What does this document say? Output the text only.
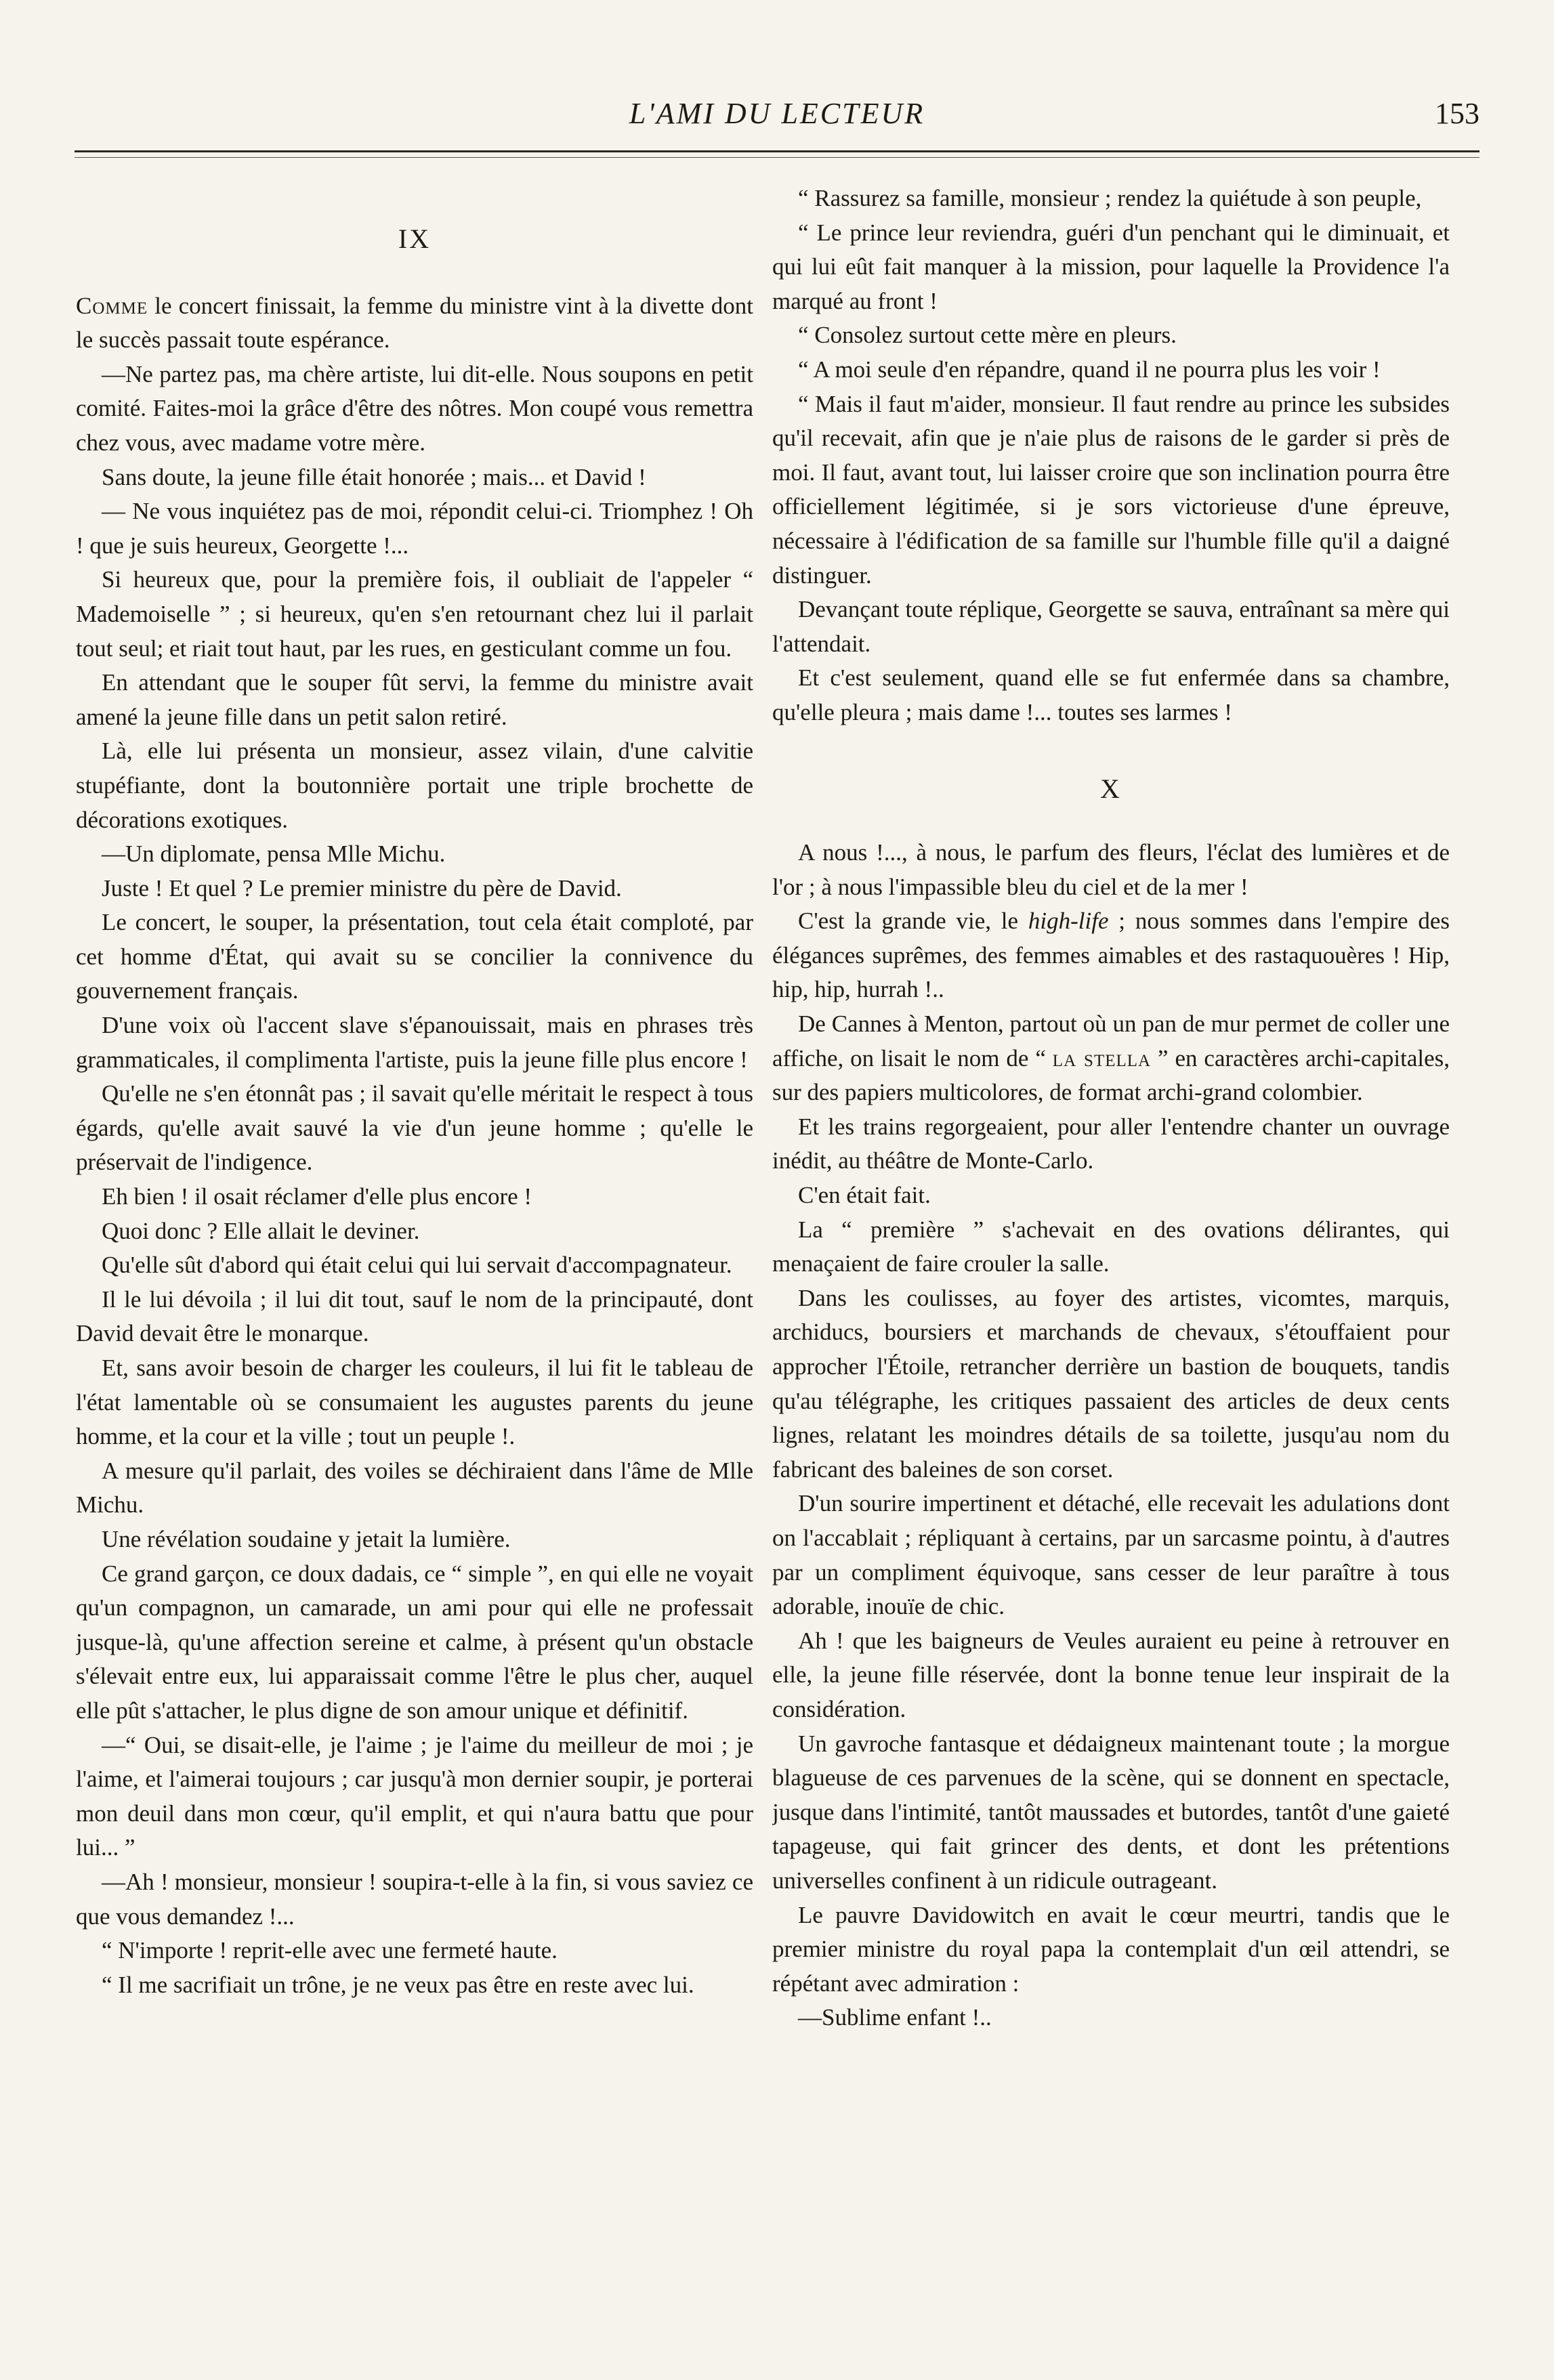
L'AMI DU LECTEUR	153
IX

Comme le concert finissait, la femme du ministre vint à la divette dont le succès passait toute espérance.

—Ne partez pas, ma chère artiste, lui dit-elle. Nous soupons en petit comité. Faites-moi la grâce d'être des nôtres. Mon coupé vous remettra chez vous, avec madame votre mère.

Sans doute, la jeune fille était honorée ; mais... et David !

— Ne vous inquiétez pas de moi, répondit celui-ci. Triomphez ! Oh ! que je suis heureux, Georgette !...

Si heureux que, pour la première fois, il oubliait de l'appeler “ Mademoiselle ” ; si heureux, qu'en s'en retournant chez lui il parlait tout seul; et riait tout haut, par les rues, en gesticulant comme un fou.

En attendant que le souper fût servi, la femme du ministre avait amené la jeune fille dans un petit salon retiré.

Là, elle lui présenta un monsieur, assez vilain, d'une calvitie stupéfiante, dont la boutonnière portait une triple brochette de décorations exotiques.

—Un diplomate, pensa Mlle Michu.

Juste ! Et quel ? Le premier ministre du père de David.

Le concert, le souper, la présentation, tout cela était comploté, par cet homme d'État, qui avait su se concilier la connivence du gouvernement français.

D'une voix où l'accent slave s'épanouissait, mais en phrases très grammaticales, il complimenta l'artiste, puis la jeune fille plus encore !

Qu'elle ne s'en étonnât pas ; il savait qu'elle méritait le respect à tous égards, qu'elle avait sauvé la vie d'un jeune homme ; qu'elle le préservait de l'indigence.

Eh bien ! il osait réclamer d'elle plus encore !

Quoi donc ? Elle allait le deviner.

Qu'elle sût d'abord qui était celui qui lui servait d'accompagnateur.

Il le lui dévoila ; il lui dit tout, sauf le nom de la principauté, dont David devait être le monarque.

Et, sans avoir besoin de charger les couleurs, il lui fit le tableau de l'état lamentable où se consumaient les augustes parents du jeune homme, et la cour et la ville ; tout un peuple !.

A mesure qu'il parlait, des voiles se déchiraient dans l'âme de Mlle Michu.

Une révélation soudaine y jetait la lumière.

Ce grand garçon, ce doux dadais, ce “ simple ”, en qui elle ne voyait qu'un compagnon, un camarade, un ami pour qui elle ne professait jusque-là, qu'une affection sereine et calme, à présent qu'un obstacle s'élevait entre eux, lui apparaissait comme l'être le plus cher, auquel elle pût s'attacher, le plus digne de son amour unique et définitif.

—“ Oui, se disait-elle, je l'aime ; je l'aime du meilleur de moi ; je l'aime, et l'aimerai toujours ; car jusqu'à mon dernier soupir, je porterai mon deuil dans mon cœur, qu'il emplit, et qui n'aura battu que pour lui... ”

—Ah ! monsieur, monsieur ! soupira-t-elle à la fin, si vous saviez ce que vous demandez !...

“ N'importe ! reprit-elle avec une fermeté hautе.

“ Il me sacrifiait un trône, je ne veux pas être en reste avec lui.

“ Rassurez sa famille, monsieur ; rendez la quiétude à son peuple,

“ Le prince leur reviendra, guéri d'un penchant qui le diminuait, et qui lui eût fait manquer à la mission, pour laquelle la Providence l'a marqué au front !

“ Consolez surtout cette mère en pleurs.

“ A moi seule d'en répandre, quand il ne pourra plus les voir !

“ Mais il faut m'aider, monsieur. Il faut rendre au prince les subsides qu'il recevait, afin que je n'aie plus de raisons de le garder si près de moi. Il faut, avant tout, lui laisser croire que son inclination pourra être officiellement légitimée, si je sors victorieuse d'une épreuve, nécessaire à l'édification de sa famille sur l'humble fille qu'il a daigné distinguer.

Devançant toute réplique, Georgette se sauva, entraînant sa mère qui l'attendait.

Et c'est seulement, quand elle se fut enfermée dans sa chambre, qu'elle pleura ; mais dame !... toutes ses larmes !

X

A nous !..., à nous, le parfum des fleurs, l'éclat des lumières et de l'or ; à nous l'impassible bleu du ciel et de la mer !

C'est la grande vie, le high-life ; nous sommes dans l'empire des élégances suprêmes, des femmes aimables et des rastaquouères ! Hip, hip, hip, hurrah !..

De Cannes à Menton, partout où un pan de mur permet de coller une affiche, on lisait le nom de “ la stella ” en caractères archi-capitales, sur des papiers multicolores, de format archi-grand colombier.

Et les trains regorgeaient, pour aller l'entendre chanter un ouvrage inédit, au théâtre de Monte-Carlo.

C'en était fait.

La “ première ” s'achevait en des ovations délirantes, qui menaçaient de faire crouler la salle.

Dans les coulisses, au foyer des artistes, vicomtes, marquis, archiducs, boursiers et marchands de chevaux, s'étouffaient pour approcher l'Étoile, retrancher derrière un bastion de bouquets, tandis qu'au télégraphe, les critiques passaient des articles de deux cents lignes, relatant les moindres détails de sa toilette, jusqu'au nom du fabricant des baleines de son corset.

D'un sourire impertinent et détaché, elle recevait les adulations dont on l'accablait ; répliquant à certains, par un sarcasme pointu, à d'autres par un compliment équivoque, sans cesser de leur paraître à tous adorable, inouïe de chic.

Ah ! que les baigneurs de Veules auraient eu peine à retrouver en elle, la jeune fille réservée, dont la bonne tenue leur inspirait de la considération.

Un gavroche fantasque et dédaigneux maintenant toute ; la morgue blagueuse de ces parvenues de la scène, qui se donnent en spectacle, jusque dans l'intimité, tantôt maussades et butordes, tantôt d'une gaieté tapageuse, qui fait grincer des dents, et dont les prétentions universelles confinent à un ridicule outrageant.

Le pauvre Davidowitch en avait le cœur meurtri, tandis que le premier ministre du royal papa la contemplait d'un œil attendri, se répétant avec admiration :

—Sublime enfant !..
